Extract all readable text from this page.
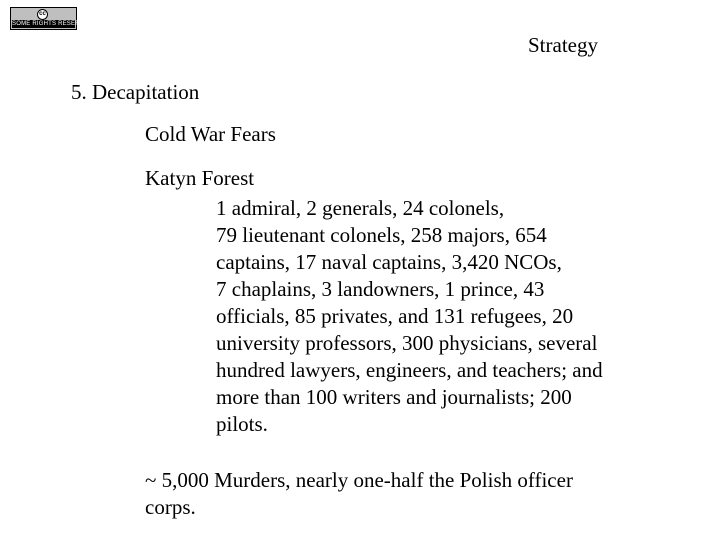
cc
SOME RIGHTS RESERVED
Strategy
5. Decapitation
Cold War Fears
Katyn Forest
1 admiral, 2 generals, 24 colonels,
79 lieutenant colonels, 258 majors, 654
captains, 17 naval captains, 3,420 NCOs,
7 chaplains, 3 landowners, 1 prince, 43
officials, 85 privates, and 131 refugees, 20
university professors, 300 physicians, several
hundred lawyers, engineers, and teachers; and
more than 100 writers and journalists; 200
pilots.
~ 5,000 Murders, nearly one-half the Polish officer
corps.
